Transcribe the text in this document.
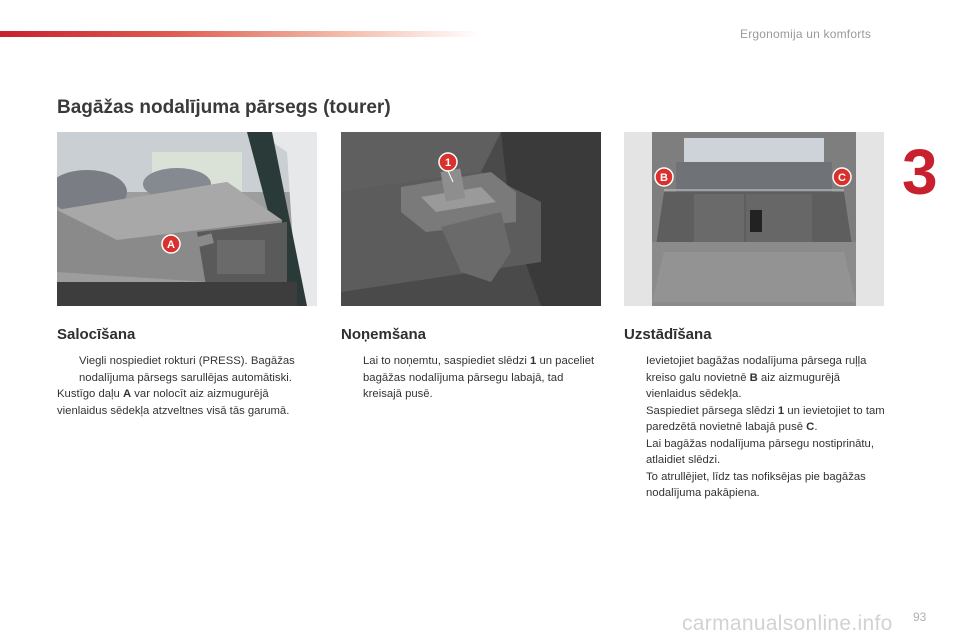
Ergonomija un komforts
3
Bagāžas nodalījuma pārsegs (tourer)
A
1
B	C
Salocīšana
Viegli nospiediet rokturi (PRESS). Bagāžas nodalījuma pārsegs sarullējas automātiski.
Kustīgo daļu A var nolocīt aiz aizmugurējā vienlaidus sēdekļa atzveltnes visā tās garumā.
Noņemšana
Lai to noņemtu, saspiediet slēdzi 1 un paceliet bagāžas nodalījuma pārsegu labajā, tad kreisajā pusē.
Uzstādīšana
Ievietojiet bagāžas nodalījuma pārsega ruļļa kreiso galu novietnē B aiz aizmugurējā vienlaidus sēdekļa.
Saspiediet pārsega slēdzi 1 un ievietojiet to tam paredzētā novietnē labajā pusē C.
Lai bagāžas nodalījuma pārsegu nostiprinātu, atlaidiet slēdzi.
To atrullējiet, līdz tas nofiksējas pie bagāžas nodalījuma pakāpiena.
carmanualsonline.info 93
